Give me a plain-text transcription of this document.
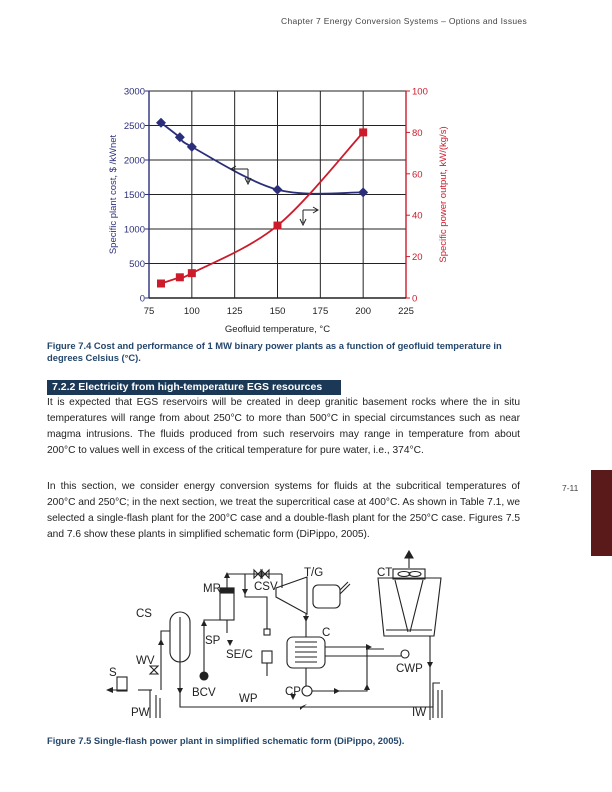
Chapter 7 Energy Conversion Systems – Options and Issues
75	100	125	150	175	200	225
0
500
1000
1500
2000
2500
3000
0
20
40
60
80
100
Geofluid temperature, °C
Specific plant cost, $ /kWnet	Specific power output, kW/(kg/s)
Figure 7.4 Cost and performance of 1 MW binary power plants as a function of geofluid temperature in
degrees Celsius (°C).
7.2.2 Electricity from high-temperature EGS resources
It is expected that EGS reservoirs will be created in deep granitic basement rocks where the in situ
temperatures will range from about 250°C to more than 500°C in special circumstances such as near
magma intrusions. The fluids produced from such reservoirs may range in temperature from about
200°C to values well in excess of the critical temperature for pure water, i.e., 374°C.
In this section, we consider energy conversion systems for fluids at the subcritical temperatures of
200°C and 250°C; in the next section, we treat the supercritical case at 400°C. As shown in Table 7.1, we
selected a single-flash plant for the 200°C case and a double-flash plant for the 250°C case. Figures 7.5
and 7.6 show these plants in simplified schematic form (DiPippo, 2005).
7-11
CS
MR	CSV
T/G	CT
SP
SE/C
C
WV
S	CWP
BCV	CP
WP
PW	IW
Figure 7.5 Single-flash power plant in simplified schematic form (DiPippo, 2005).
